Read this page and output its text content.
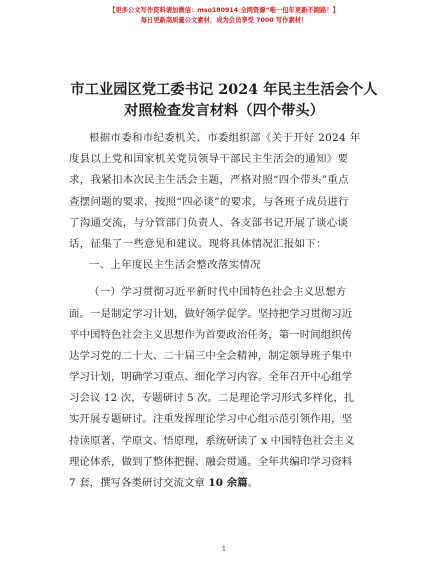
【更多公文写作资料请加微信：mso180914 全网资源“唯一包年更新不跑路！】
每日更新高质量公文素材，成为会员享受 7000 写作素材！
市工业园区党工委书记 2024 年民主生活会个人
对照检查发言材料（四个带头）
根据市委和市纪委机关、市委组织部《关于开好 2024 年
度县以上党和国家机关党员领导干部民主生活会的通知》要
求，我紧扣本次民主生活会主题，严格对照“四个带头”重点
查摆问题的要求，按照“四必谈”的要求，与各班子成员进行
了沟通交流，与分管部门负责人、各支部书记开展了谈心谈
话，征集了一些意见和建议。现将具体情况汇报如下：
一、上年度民主生活会整改落实情况
（一）学习贯彻习近平新时代中国特色社会主义思想方
面。一是制定学习计划，做好领学促学。坚持把学习贯彻习近
平中国特色社会主义思想作为首要政治任务，第一时间组织传
达学习党的二十大、二十届三中全会精神，制定领导班子集中
学习计划，明确学习重点、细化学习内容。全年召开中心组学
习会议 12 次，专题研讨 5 次。二是理论学习形式多样化，扎
实开展专题研讨。注重发挥理论学习中心组示范引领作用，坚
持读原著、学原文、悟原理，系统研读了 x 中国特色社会主义
理论体系，做到了整体把握、融会贯通。全年共编印学习资料
7 套，撰写各类研讨交流文章 10 余篇。
1
